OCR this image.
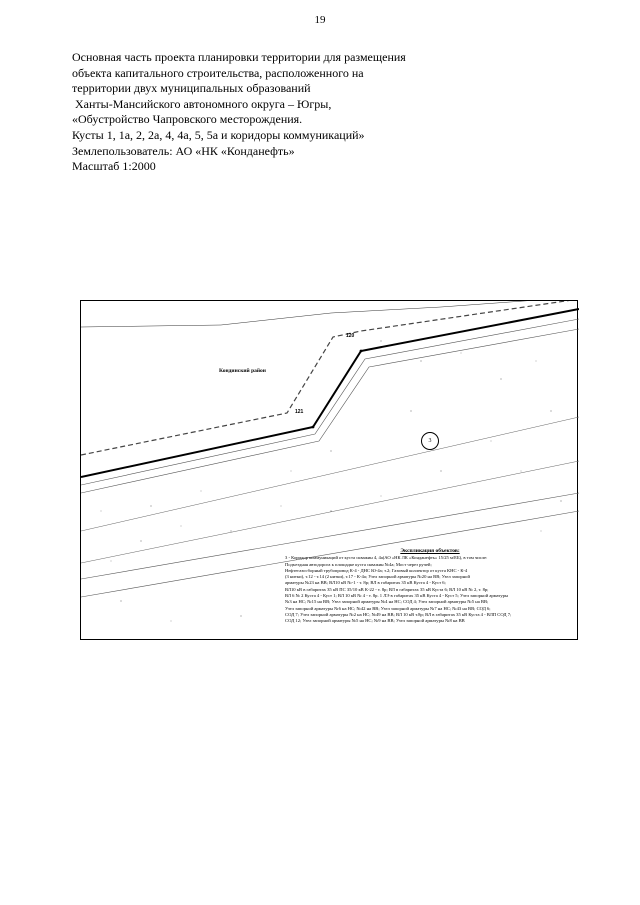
19
Основная часть проекта планировки территории для размещения
объекта капитального строительства, расположенного на
территории двух муниципальных образований
Ханты-Мансийского автономного округа – Югры,
«Обустройство Чапровского месторождения.
Кусты 1, 1а, 2, 2а, 4, 4а, 5, 5а и коридоры коммуникаций»
Землепользователь: АО «НК «Конданефть»
Масштаб 1:2000
Кондинский район
3
120
121
Экспликация объектов:
3 - Коридор коммуникаций от куста скважин 4, 4а(АО «НК ЛК «Конданефть» 15/25 м/ЕБ), в том числе:
Подъездная автодорога к площадке куста скважин №4а; Мост через ручей;
Нефтегазосборный трубопровод К-4 - ДНС Ю-4а; т.2; Газовый коллектор от куста КНС - К-4
(3 нитки), т.12 - т.14 (2 нитки), т.17 - К-4а; Узел запорной арматуры №20 на ВВ; Узел запорной
арматуры №23 на ВВ; ВЛ10 кВ №-1 - т. 8р; ВЛ в габаритах 35 кВ Куста 4 - Куст 6;
ВЛ10 кВ в габаритах 35 кВ ПС 35/10 кВ К-22 - т. 8р; ВЛ в габаритах 35 кВ Куста 6; ВЛ 10 кВ № 2, т. 8р;
ВЛ 6 № 2 Куста 4 - Куст 1; ВЛ 10 кВ № 4 - т. 8р. 1 ЛЭ в габаритах 35 кВ Куста 4 - Куст 5; Узел запорной арматуры
№3 на НС; №15 на ВВ; Узел запорной арматуры №4 на НС; СОД 4; Узел запорной арматуры №5 на ВВ;
Узел запорной арматуры №6 на НС; №42 на ВВ; Узел запорной арматуры №7 на НС; №43 на ВВ; СОД 6;
СОД 7; Узел запорной арматуры №2 на НС; №49 на ВВ; ВЛ 10 кВ т.8р; ВЛ в габаритах 35 кВ Куста 4 - ВЛП СОД 7;
СОД 12; Узел запорной арматуры №5 на НС; №9 на ВВ; Узел запорной арматуры №8 на ВВ
